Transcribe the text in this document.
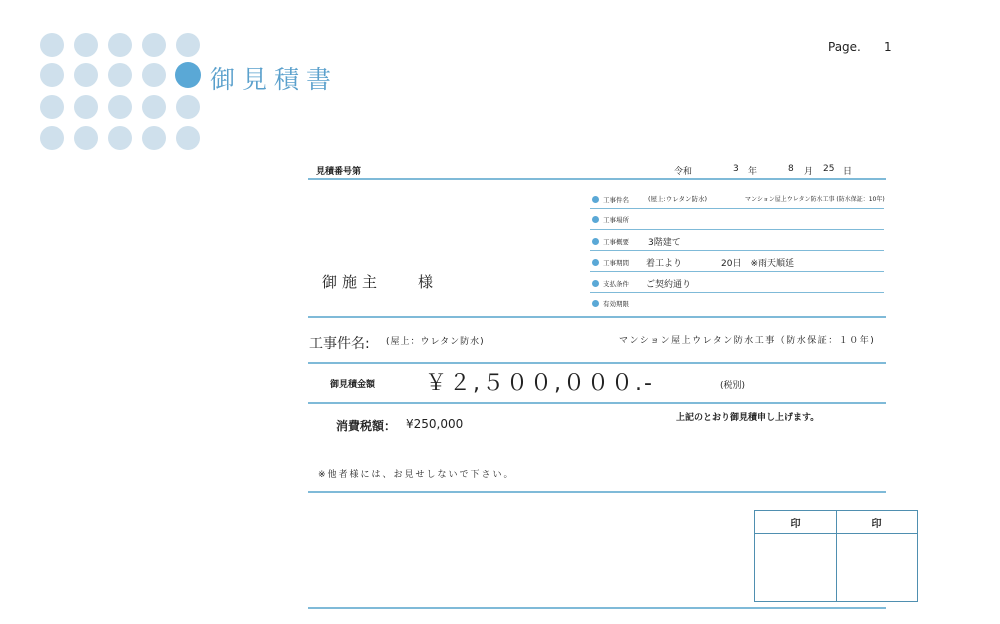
御見積書
Page. 1
見積番号第	令和	3 年	8 月 25 日
工事件名	(屋上:ウレタン防水)	マンション屋上ウレタン防水工事 (防水保証：10年)
工事場所
工事概要 3階建て
工事期間 着工より	20日　※雨天順延
支払条件 ご契約通り
有効期限
御施主 様
工事件名: (屋上：ウレタン防水)	マンション屋上ウレタン防水工事（防水保証：１０年)
御見積金額 ￥２,５００,０００.-	(税別)
消費税額： ¥250,000	上記のとおり御見積申し上げます。
※他者様には、お見せしないで下さい。
印	印
